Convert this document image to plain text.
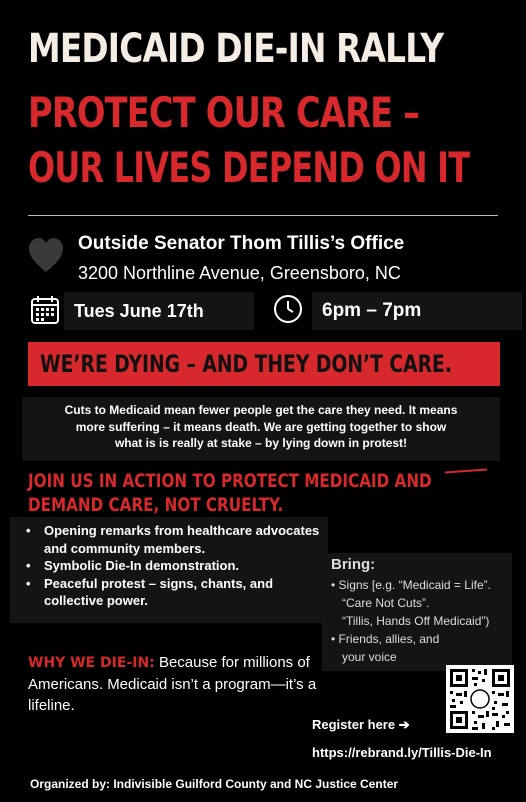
MEDICAID DIE-IN RALLY
PROTECT OUR CARE –
OUR LIVES DEPEND ON IT
Outside Senator Thom Tillis’s Office
3200 Northline Avenue, Greensboro, NC
Tues June 17th	6pm – 7pm
WE’RE DYING – AND THEY DON’T CARE.
Cuts to Medicaid mean fewer people get the care they need. It means
more suffering – it means death. We are getting together to show
what is is really at stake – by lying down in protest!
JOIN US IN ACTION TO PROTECT MEDICAID AND
DEMAND CARE, NOT CRUELTY.
• Opening remarks from healthcare advocates and community members.
• Symbolic Die-In demonstration.
• Peaceful protest – signs, chants, and collective power.
Bring:
• Signs [e.g. “Medicaid = Life”.
“Care Not Cuts”.
“Tillis, Hands Off Medicaid”)
• Friends, allies, and
your voice
WHY WE DIE-IN: Because for millions of Americans. Medicaid isn’t a program—it’s a lifeline.
Register here ➔
https://rebrand.ly/Tillis-Die-In
Organized by: Indivisible Guilford County and NC Justice Center
